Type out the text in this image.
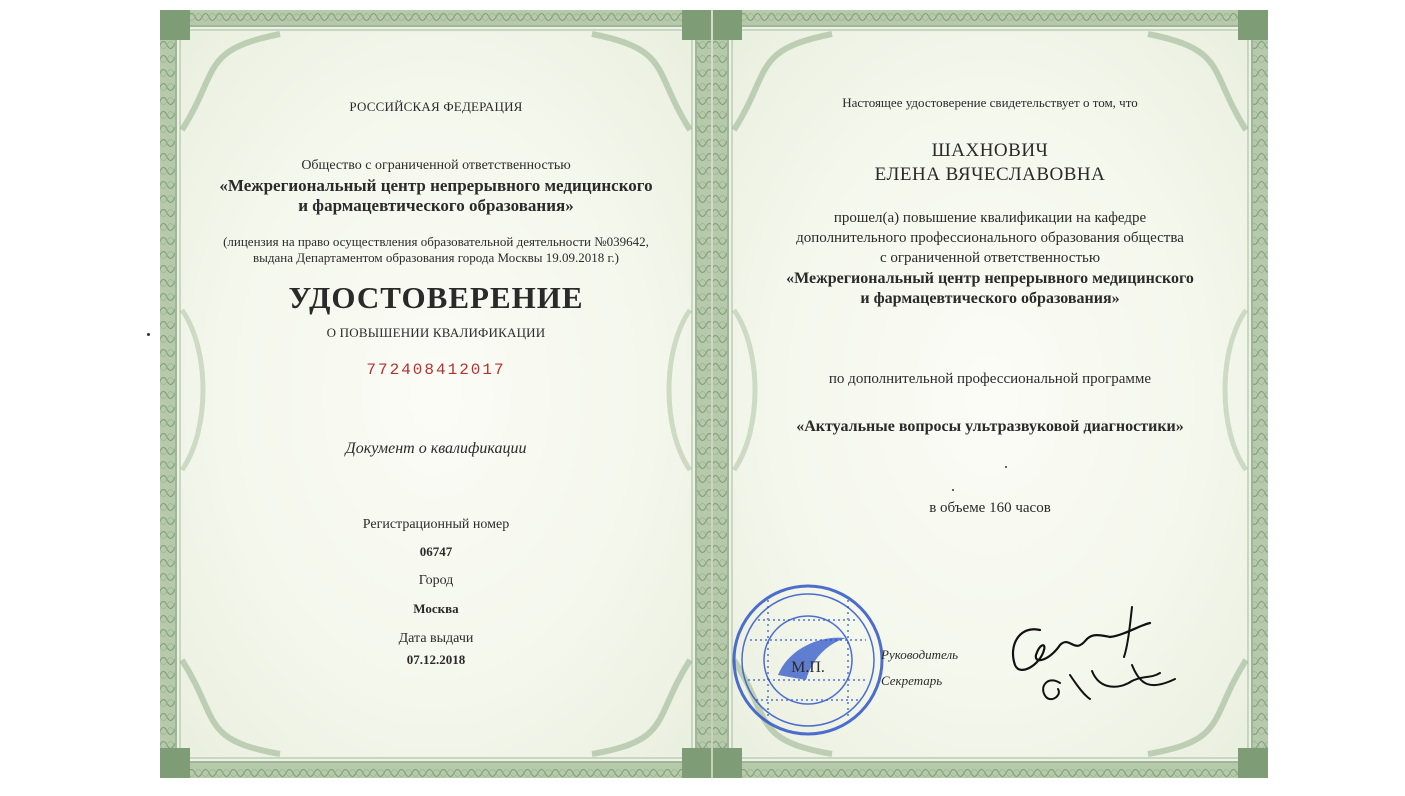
РОССИЙСКАЯ ФЕДЕРАЦИЯ
Общество с ограниченной ответственностью
«Межрегиональный центр непрерывного медицинского
и фармацевтического образования»
(лицензия на право осуществления образовательной деятельности №039642,
выдана Департаментом образования города Москвы 19.09.2018 г.)
УДОСТОВЕРЕНИЕ
О ПОВЫШЕНИИ КВАЛИФИКАЦИИ
772408412017
Документ о квалификации
Регистрационный номер
06747
Город
Москва
Дата выдачи
07.12.2018
Настоящее удостоверение свидетельствует о том, что
ШАХНОВИЧ
ЕЛЕНА ВЯЧЕСЛАВОВНА
прошел(а) повышение квалификации на кафедре
дополнительного профессионального образования общества
с ограниченной ответственностью
«Межрегиональный центр непрерывного медицинского
и фармацевтического образования»
по дополнительной профессиональной программе
«Актуальные вопросы ультразвуковой диагностики»
в объеме 160 часов
М.П.
Руководитель
Секретарь
